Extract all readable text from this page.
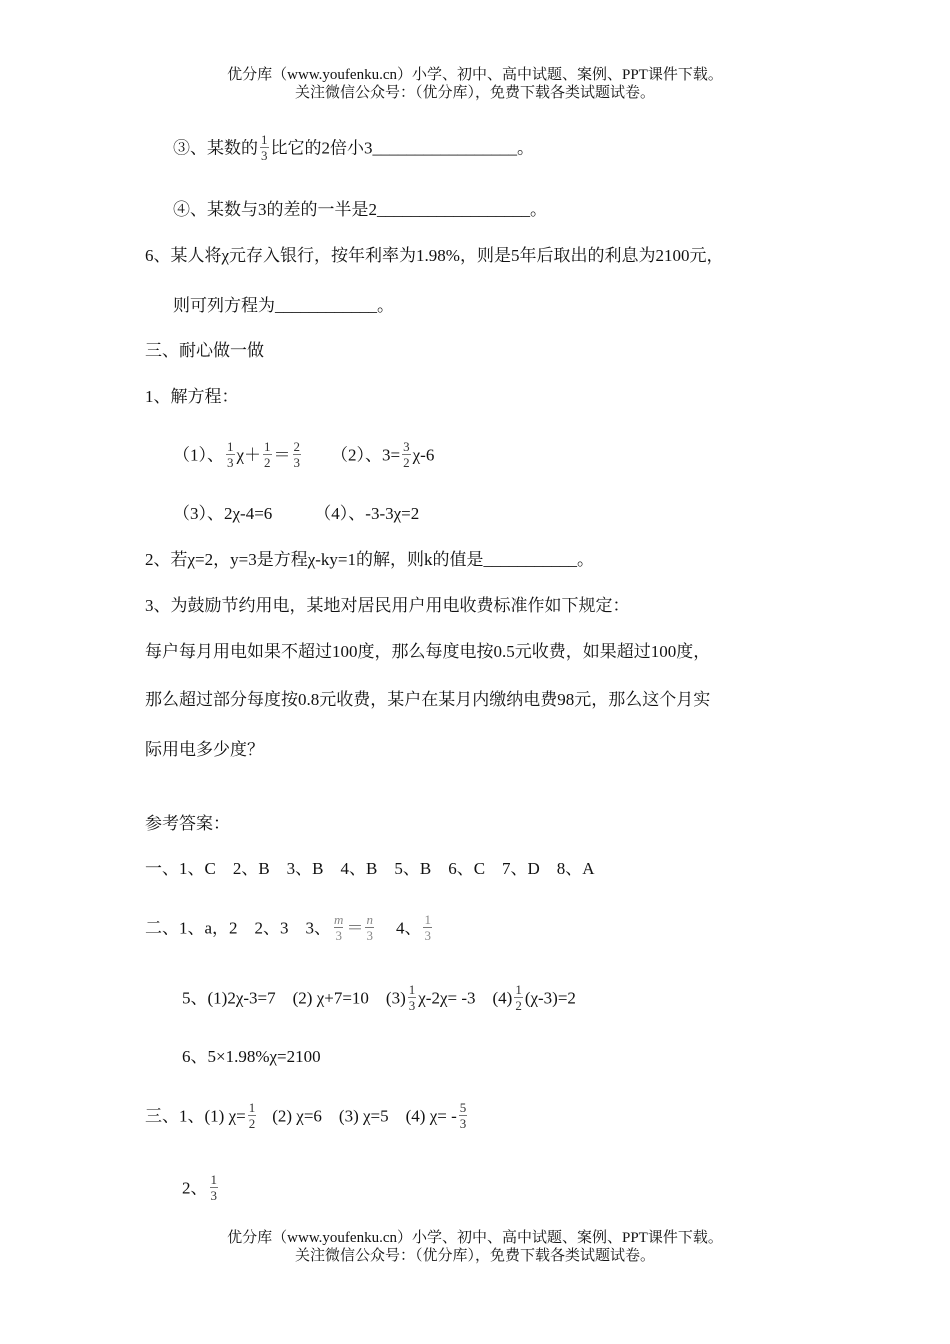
优分库（www.youfenku.cn）小学、初中、高中试题、案例、PPT课件下载。
关注微信公众号：（优分库），免费下载各类试题试卷。
③、某数的 $\frac{1}{3}$ 比它的2倍小3_________________。
④、某数与3的差的一半是2__________________。
6、某人将χ元存入银行，按年利率为1.98%，则是5年后取出的利息为2100元，
则可列方程为____________。
三、耐心做一做
1、解方程：
（1）、 $\frac{1}{3} \chi+ \frac{1}{2} = \frac{2}{3} (2)$、$3= \frac{3}{2} \chi-6$
（3）、2χ-4=6 （4）、-3-3χ=2
2、若χ=2，y=3是方程χ-ky=1的解，则k的值是___________。
3、为鼓励节约用电，某地对居民用户用电收费标准作如下规定：
每户每月用电如果不超过100度，那么每度电按0.5元收费，如果超过100度，
那么超过部分每度按0.8元收费，某户在某月内缴纳电费98元，那么这个月实
际用电多少度？
参考答案：
一、1、C　2、B　3、B　4、B　5、B　6、C　7、D　8、A
二、1、a，2　2、3　3、 $\frac{m}{3} = \frac{n}{3} 4$、 $\frac{1}{3}$
5、(1)2χ-3=7　(2) χ+7=10　$(3) \frac{1}{3} \chi-2\chi= -3$　$(4) \frac{1}{2} (\chi-3)=2$
6、5×1.98%χ=2100
三、1、(1) $\chi= \frac{1}{2} (2)$ χ=6　(3) χ=5　(4) $\chi= - \frac{5}{3}$
2、 $\frac{1}{3}$
优分库（www.youfenku.cn）小学、初中、高中试题、案例、PPT课件下载。
关注微信公众号：（优分库），免费下载各类试题试卷。
